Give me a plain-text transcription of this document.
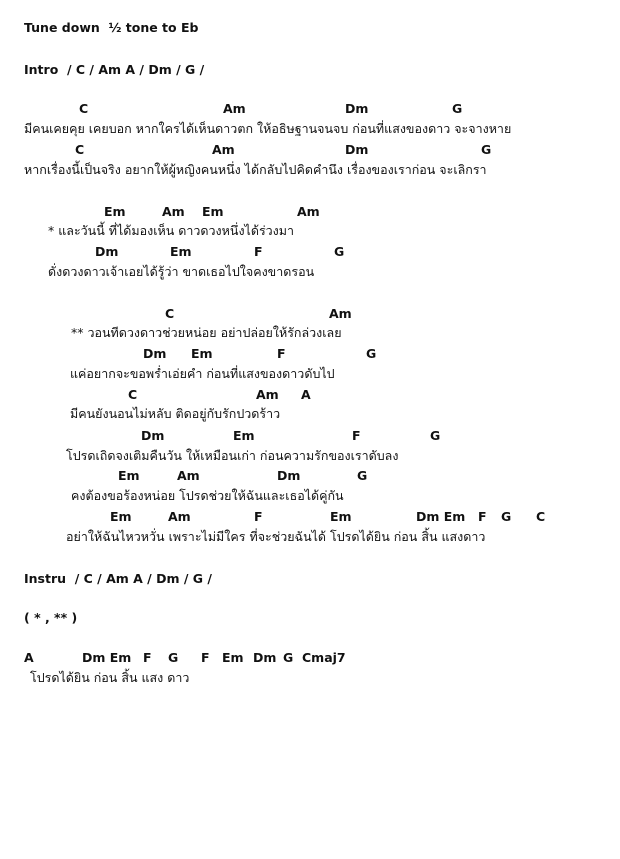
Tune down  ½ tone to Eb

Intro  / C / Am A / Dm / G /

C

	Am

	Dm

	G

มีคนเคยคุย เคยบอก หากใครได้เห็นดาวตก ให้อธิษฐานจนจบ ก่อนที่แสงของดาว จะจางหาย

C

	Am

	Dm

	G

หากเรื่องนี้เป็นจริง อยากให้ผู้หญิงคนหนึ่ง ได้กลับไปคิดคำนึง เรื่องของเราก่อน จะเลิกรา

Em

	Am

Em

	Am

* และวันนี้ ที่ได้มองเห็น ดาวดวงหนึ่งได้ร่วงมา

Dm

	Em

	F

	G

ดั่งดวงดาวเจ้าเอยได้รู้ว่า ขาดเธอไปใจคงขาดรอน

C

	Am

** วอนทีดวงดาวช่วยหน่อย อย่าปล่อยให้รักล่วงเลย

Dm

Em

	F

	G

แค่อยากจะขอพร่ำเอ่ยคำ ก่อนที่แสงของดาวดับไป

C

	Am

A

มีคนยังนอนไม่หลับ ติดอยู่กับรักปวดร้าว

Dm

	Em

	F

	G

โปรดเถิดจงเติมคืนวัน ให้เหมือนเก่า ก่อนความรักของเราดับลง

Em

	Am

	Dm

	G

คงต้องขอร้องหน่อย โปรดช่วยให้ฉันและเธอได้คู่กัน

Em

	Am

	F

	Em

	Dm Em

F

G

C

อย่าให้ฉันไหวหวั่น เพราะไม่มีใคร ที่จะช่วยฉันได้ โปรดได้ยิน ก่อน สิ้น แสงดาว

Instru  / C / Am A / Dm / G /

( * , ** )

A

	Dm Em

F

G

F

Em

Dm

G

Cmaj7

โปรดได้ยิน ก่อน สิ้น แสง ดาว
